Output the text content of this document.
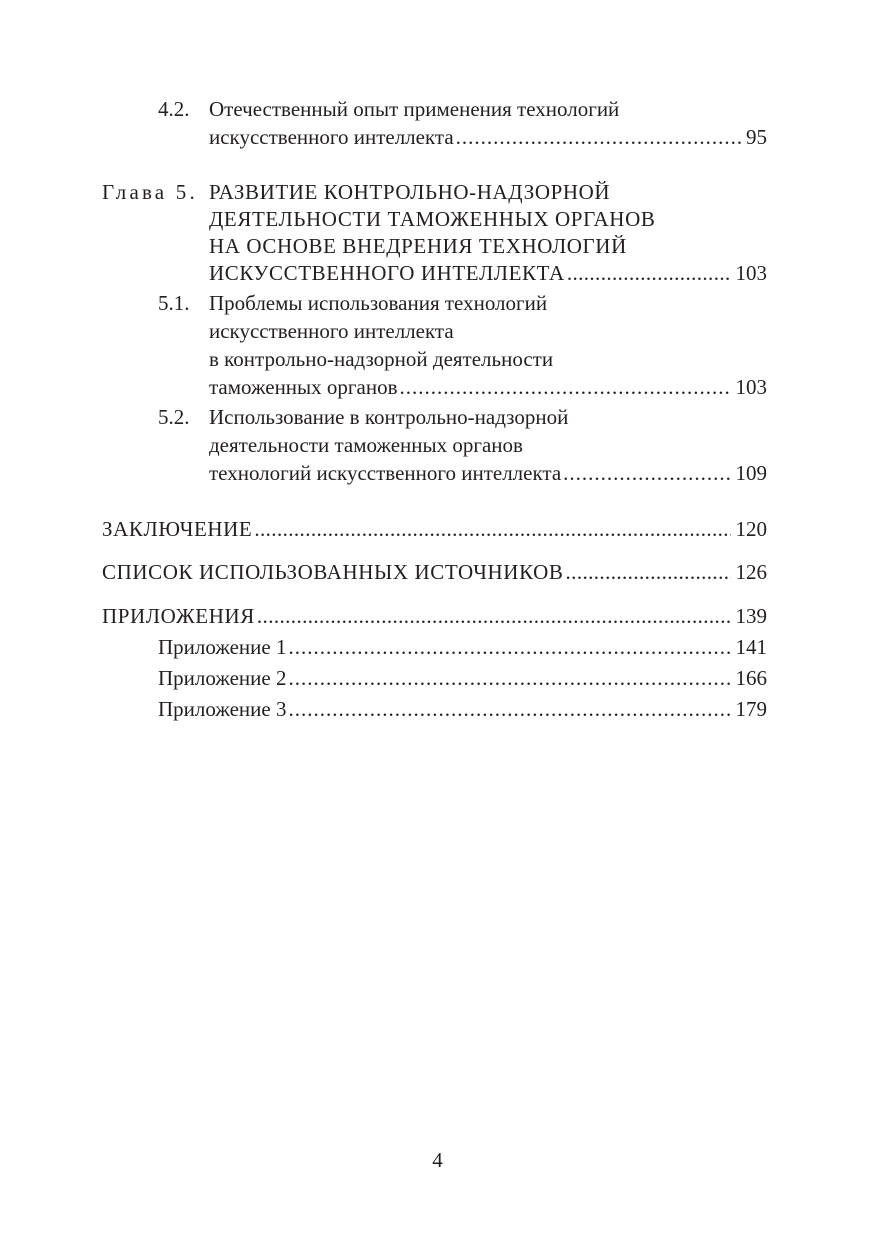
4.2. Отечественный опыт применения технологий
искусственного интеллекта .....	95
Глава 5. РАЗВИТИЕ КОНТРОЛЬНО-НАДЗОРНОЙ
ДЕЯТЕЛЬНОСТИ ТАМОЖЕННЫХ ОРГАНОВ
НА ОСНОВЕ ВНЕДРЕНИЯ ТЕХНОЛОГИЙ
ИСКУССТВЕННОГО ИНТЕЛЛЕКТА .....	103
5.1. Проблемы использования технологий
искусственного интеллекта
в контрольно-надзорной деятельности
таможенных органов .....	103
5.2. Использование в контрольно-надзорной
деятельности таможенных органов
технологий искусственного интеллекта .....	109
ЗАКЛЮЧЕНИЕ .....	120
СПИСОК ИСПОЛЬЗОВАННЫХ ИСТОЧНИКОВ .....	126
ПРИЛОЖЕНИЯ .....	139
Приложение 1 .....	141
Приложение 2 .....	166
Приложение 3 .....	179
4
